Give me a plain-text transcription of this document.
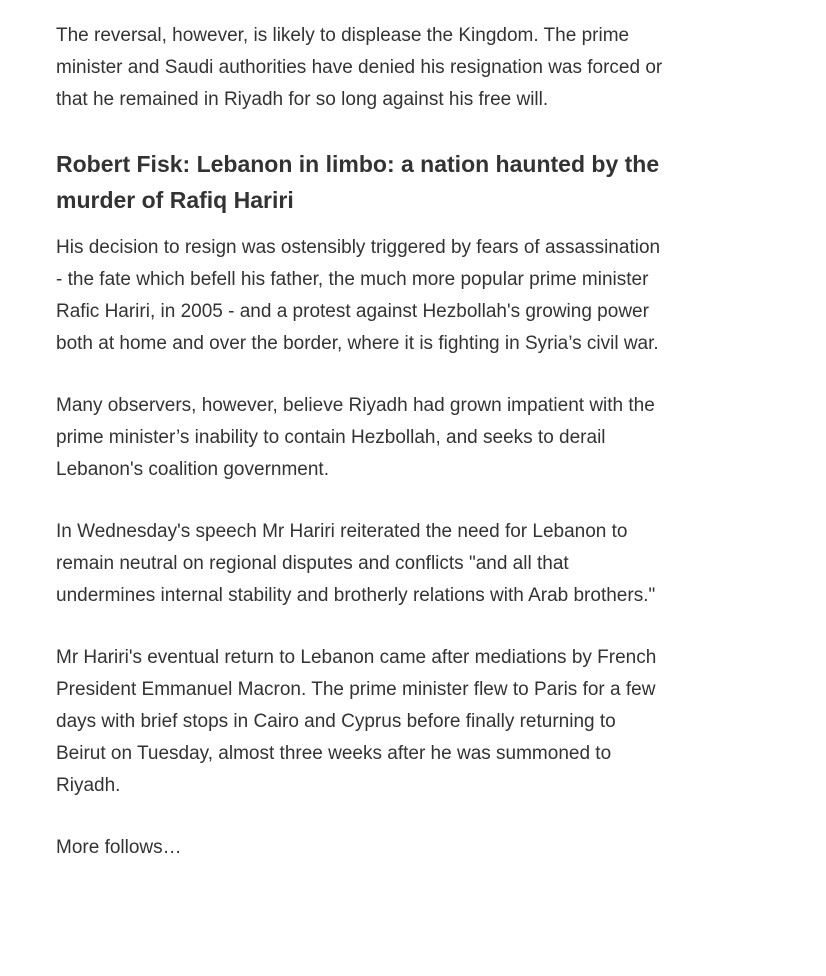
The reversal, however, is likely to displease the Kingdom. The prime minister and Saudi authorities have denied his resignation was forced or that he remained in Riyadh for so long against his free will.

Robert Fisk: Lebanon in limbo: a nation haunted by the murder of Rafiq Hariri

His decision to resign was ostensibly triggered by fears of assassination - the fate which befell his father, the much more popular prime minister Rafic Hariri, in 2005 - and a protest against Hezbollah's growing power both at home and over the border, where it is fighting in Syria’s civil war.

Many observers, however, believe Riyadh had grown impatient with the prime minister’s inability to contain Hezbollah, and seeks to derail Lebanon's coalition government.

In Wednesday's speech Mr Hariri reiterated the need for Lebanon to remain neutral on regional disputes and conflicts "and all that undermines internal stability and brotherly relations with Arab brothers."

Mr Hariri's eventual return to Lebanon came after mediations by French President Emmanuel Macron. The prime minister flew to Paris for a few days with brief stops in Cairo and Cyprus before finally returning to Beirut on Tuesday, almost three weeks after he was summoned to Riyadh.

More follows…
